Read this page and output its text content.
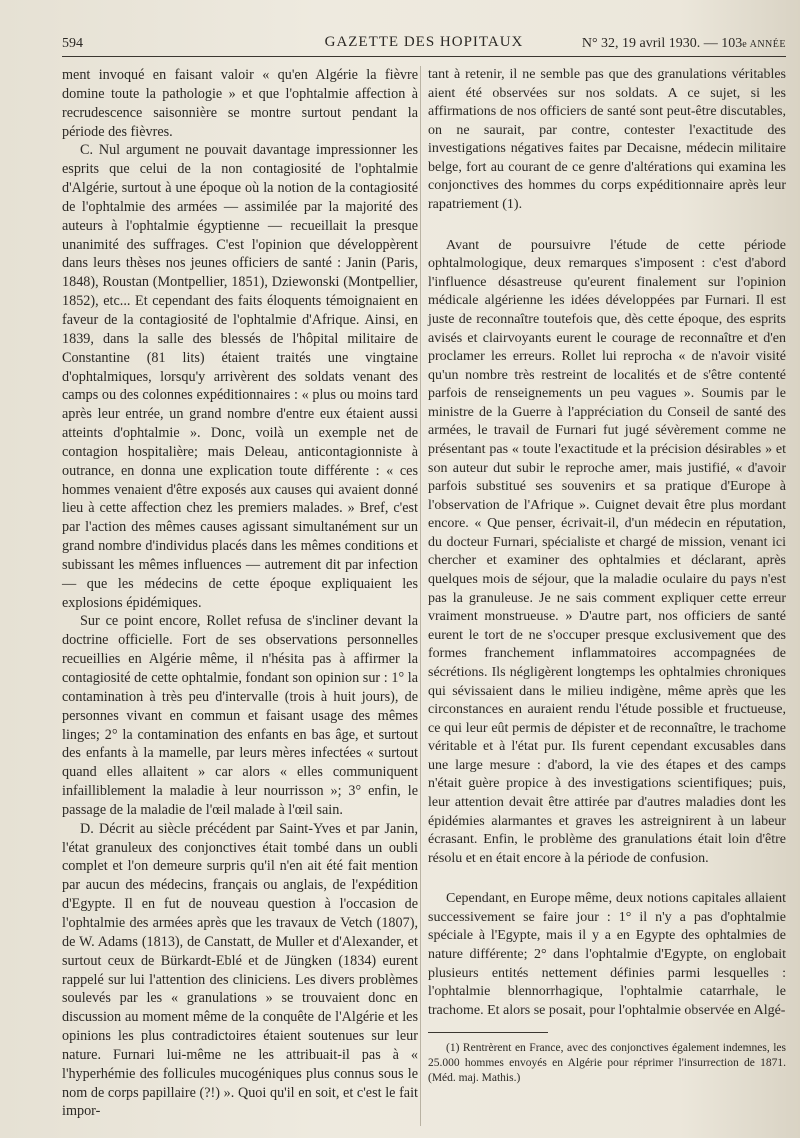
594	GAZETTE DES HOPITAUX	N° 32, 19 avril 1930. — 103e ANNÉE

ment invoqué en faisant valoir « qu'en Algérie la fièvre domine toute la pathologie » et que l'ophtalmie affection à recrudescence saisonnière se montre surtout pendant la période des fièvres.

C. Nul argument ne pouvait davantage impressionner les esprits que celui de la non contagiosité de l'ophtalmie d'Algérie, surtout à une époque où la notion de la contagiosité de l'ophtalmie des armées — assimilée par la majorité des auteurs à l'ophtalmie égyptienne — recueillait la presque unanimité des suffrages. C'est l'opinion que développèrent dans leurs thèses nos jeunes officiers de santé : Janin (Paris, 1848), Roustan (Montpellier, 1851), Dziewonski (Montpellier, 1852), etc... Et cependant des faits éloquents témoignaient en faveur de la contagiosité de l'ophtalmie d'Afrique. Ainsi, en 1839, dans la salle des blessés de l'hôpital militaire de Constantine (81 lits) étaient traités une vingtaine d'ophtalmiques, lorsqu'y arrivèrent des soldats venant des camps ou des colonnes expéditionnaires : « plus ou moins tard après leur entrée, un grand nombre d'entre eux étaient aussi atteints d'ophtalmie ». Donc, voilà un exemple net de contagion hospitalière; mais Deleau, anticontagionniste à outrance, en donna une explication toute différente : « ces hommes venaient d'être exposés aux causes qui avaient donné lieu à cette affection chez les premiers malades. » Bref, c'est par l'action des mêmes causes agissant simultanément sur un grand nombre d'individus placés dans les mêmes conditions et subissant les mêmes influences — autrement dit par infection — que les médecins de cette époque expliquaient les explosions épidémiques.

Sur ce point encore, Rollet refusa de s'incliner devant la doctrine officielle. Fort de ses observations personnelles recueillies en Algérie même, il n'hésita pas à affirmer la contagiosité de cette ophtalmie, fondant son opinion sur : 1° la contamination à très peu d'intervalle (trois à huit jours), de personnes vivant en commun et faisant usage des mêmes linges; 2° la contamination des enfants en bas âge, et surtout des enfants à la mamelle, par leurs mères infectées « surtout quand elles allaitent » car alors « elles communiquent infailliblement la maladie à leur nourrisson »; 3° enfin, le passage de la maladie de l'œil malade à l'œil sain.

D. Décrit au siècle précédent par Saint-Yves et par Janin, l'état granuleux des conjonctives était tombé dans un oubli complet et l'on demeure surpris qu'il n'en ait été fait mention par aucun des médecins, français ou anglais, de l'expédition d'Egypte. Il en fut de nouveau question à l'occasion de l'ophtalmie des armées après que les travaux de Vetch (1807), de W. Adams (1813), de Canstatt, de Muller et d'Alexander, et surtout ceux de Bürkardt-Eblé et de Jüngken (1834) eurent rappelé sur lui l'attention des cliniciens. Les divers problèmes soulevés par les « granulations » se trouvaient donc en discussion au moment même de la conquête de l'Algérie et les opinions les plus contradictoires étaient soutenues sur leur nature. Furnari lui-même ne les attribuait-il pas à « l'hyperhémie des follicules mucogéniques plus connus sous le nom de corps papillaire (?!) ». Quoi qu'il en soit, et c'est le fait impor-

tant à retenir, il ne semble pas que des granulations véritables aient été observées sur nos soldats. A ce sujet, si les affirmations de nos officiers de santé sont peut-être discutables, on ne saurait, par contre, contester l'exactitude des investigations négatives faites par Decaisne, médecin militaire belge, fort au courant de ce genre d'altérations qui examina les conjonctives des hommes du corps expéditionnaire après leur rapatriement (1).

Avant de poursuivre l'étude de cette période ophtalmologique, deux remarques s'imposent : c'est d'abord l'influence désastreuse qu'eurent finalement sur l'opinion médicale algérienne les idées développées par Furnari. Il est juste de reconnaître toutefois que, dès cette époque, des esprits avisés et clairvoyants eurent le courage de reconnaître et d'en proclamer les erreurs. Rollet lui reprocha « de n'avoir visité qu'un nombre très restreint de localités et de s'être contenté parfois de renseignements un peu vagues ». Soumis par le ministre de la Guerre à l'appréciation du Conseil de santé des armées, le travail de Furnari fut jugé sévèrement comme ne présentant pas « toute l'exactitude et la précision désirables » et son auteur dut subir le reproche amer, mais justifié, « d'avoir parfois substitué ses souvenirs et sa pratique d'Europe à l'observation de l'Afrique ». Cuignet devait être plus mordant encore. « Que penser, écrivait-il, d'un médecin en réputation, du docteur Furnari, spécialiste et chargé de mission, venant ici chercher et examiner des ophtalmies et déclarant, après quelques mois de séjour, que la maladie oculaire du pays n'est pas la granuleuse. Je ne sais comment expliquer cette erreur vraiment monstrueuse. » D'autre part, nos officiers de santé eurent le tort de ne s'occuper presque exclusivement que des formes franchement inflammatoires accompagnées de sécrétions. Ils négligèrent longtemps les ophtalmies chroniques qui sévissaient dans le milieu indigène, même après que les circonstances en auraient rendu l'étude possible et fructueuse, ce qui leur eût permis de dépister et de reconnaître, le trachome véritable et à l'état pur. Ils furent cependant excusables dans une large mesure : d'abord, la vie des étapes et des camps n'était guère propice à des investigations scientifiques; puis, leur attention devait être attirée par d'autres maladies dont les épidémies alarmantes et graves les astreignirent à un labeur écrasant. Enfin, le problème des granulations était loin d'être résolu et en était encore à la période de confusion.

Cependant, en Europe même, deux notions capitales allaient successivement se faire jour : 1° il n'y a pas d'ophtalmie spéciale à l'Egypte, mais il y a en Egypte des ophtalmies de nature différente; 2° dans l'ophtalmie d'Egypte, on englobait plusieurs entités nettement définies parmi lesquelles : l'ophtalmie blennorrhagique, l'ophtalmie catarrhale, le trachome. Et alors se posait, pour l'ophtalmie observée en Algé-

(1) Rentrèrent en France, avec des conjonctives également indemnes, les 25.000 hommes envoyés en Algérie pour réprimer l'insurrection de 1871. (Méd. maj. Mathis.)
